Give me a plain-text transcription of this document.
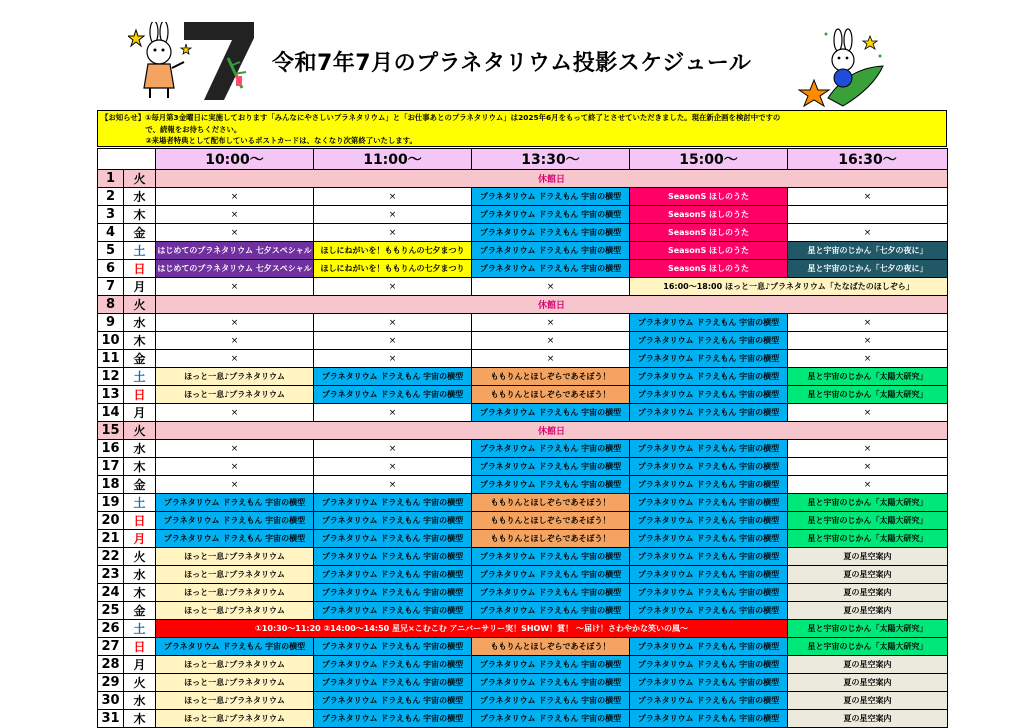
令和7年7月のプラネタリウム投影スケジュール
【お知らせ】①毎月第3金曜日に実施しております「みんなにやさしいプラネタリウム」と「お仕事あとのプラネタリウム」は2025年6月をもって終了とさせていただきました。現在新企画を検討中ですの
　　　　　　で、続報をお待ちください。
　　　　　　②来場者特典として配布しているポストカードは、なくなり次第終了いたします。
		10:00～	11:00～	13:30～	15:00～	16:30～
1	火	休館日				
2	水	×	×	プラネタリウム ドラえもん 宇宙の横型	SeasonS ほしのうた	×
3	木	×	×	プラネタリウム ドラえもん 宇宙の横型	SeasonS ほしのうた	
4	金	×	×	プラネタリウム ドラえもん 宇宙の横型	SeasonS ほしのうた	×
5	土	はじめてのプラネタリウム 七夕スペシャル	ほしにねがいを！ももりんの七夕まつり	プラネタリウム ドラえもん 宇宙の横型	SeasonS ほしのうた	星と宇宙のじかん「七夕の夜に」
6	日	はじめてのプラネタリウム 七夕スペシャル	ほしにねがいを！ももりんの七夕まつり	プラネタリウム ドラえもん 宇宙の横型	SeasonS ほしのうた	星と宇宙のじかん「七夕の夜に」
7	月	×	×	×	16:00～18:00 ほっと一息♪プラネタリウム「たなばたのほしぞら」	
8	火	休館日				
9	水	×	×	×	プラネタリウム ドラえもん 宇宙の横型	×
10	木	×	×	×	プラネタリウム ドラえもん 宇宙の横型	×
11	金	×	×	×	プラネタリウム ドラえもん 宇宙の横型	×
12	土	ほっと一息♪プラネタリウム	プラネタリウム ドラえもん 宇宙の横型	ももりんとほしぞらであそぼう！	プラネタリウム ドラえもん 宇宙の横型	星と宇宙のじかん「太陽大研究」
13	日	ほっと一息♪プラネタリウム	プラネタリウム ドラえもん 宇宙の横型	ももりんとほしぞらであそぼう！	プラネタリウム ドラえもん 宇宙の横型	星と宇宙のじかん「太陽大研究」
14	月	×	×	プラネタリウム ドラえもん 宇宙の横型	プラネタリウム ドラえもん 宇宙の横型	×
15	火	休館日				
16	水	×	×	プラネタリウム ドラえもん 宇宙の横型	プラネタリウム ドラえもん 宇宙の横型	×
17	木	×	×	プラネタリウム ドラえもん 宇宙の横型	プラネタリウム ドラえもん 宇宙の横型	×
18	金	×	×	プラネタリウム ドラえもん 宇宙の横型	プラネタリウム ドラえもん 宇宙の横型	×
19	土	プラネタリウム ドラえもん 宇宙の横型	プラネタリウム ドラえもん 宇宙の横型	ももりんとほしぞらであそぼう！	プラネタリウム ドラえもん 宇宙の横型	星と宇宙のじかん「太陽大研究」
20	日	プラネタリウム ドラえもん 宇宙の横型	プラネタリウム ドラえもん 宇宙の横型	ももりんとほしぞらであそぼう！	プラネタリウム ドラえもん 宇宙の横型	星と宇宙のじかん「太陽大研究」
21	月	プラネタリウム ドラえもん 宇宙の横型	プラネタリウム ドラえもん 宇宙の横型	ももりんとほしぞらであそぼう！	プラネタリウム ドラえもん 宇宙の横型	星と宇宙のじかん「太陽大研究」
22	火	ほっと一息♪プラネタリウム	プラネタリウム ドラえもん 宇宙の横型	プラネタリウム ドラえもん 宇宙の横型	プラネタリウム ドラえもん 宇宙の横型	夏の星空案内
23	水	ほっと一息♪プラネタリウム	プラネタリウム ドラえもん 宇宙の横型	プラネタリウム ドラえもん 宇宙の横型	プラネタリウム ドラえもん 宇宙の横型	夏の星空案内
24	木	ほっと一息♪プラネタリウム	プラネタリウム ドラえもん 宇宙の横型	プラネタリウム ドラえもん 宇宙の横型	プラネタリウム ドラえもん 宇宙の横型	夏の星空案内
25	金	ほっと一息♪プラネタリウム	プラネタリウム ドラえもん 宇宙の横型	プラネタリウム ドラえもん 宇宙の横型	プラネタリウム ドラえもん 宇宙の横型	夏の星空案内
26	土	①10:30～11:20 ②14:00～14:50 星兄×こむこむ アニバーサリー実！SHOW！賞！ ～届け！さわやかな笑いの風～				星と宇宙のじかん「太陽大研究」
27	日	プラネタリウム ドラえもん 宇宙の横型	プラネタリウム ドラえもん 宇宙の横型	ももりんとほしぞらであそぼう！	プラネタリウム ドラえもん 宇宙の横型	星と宇宙のじかん「太陽大研究」
28	月	ほっと一息♪プラネタリウム	プラネタリウム ドラえもん 宇宙の横型	プラネタリウム ドラえもん 宇宙の横型	プラネタリウム ドラえもん 宇宙の横型	夏の星空案内
29	火	ほっと一息♪プラネタリウム	プラネタリウム ドラえもん 宇宙の横型	プラネタリウム ドラえもん 宇宙の横型	プラネタリウム ドラえもん 宇宙の横型	夏の星空案内
30	水	ほっと一息♪プラネタリウム	プラネタリウム ドラえもん 宇宙の横型	プラネタリウム ドラえもん 宇宙の横型	プラネタリウム ドラえもん 宇宙の横型	夏の星空案内
31	木	ほっと一息♪プラネタリウム	プラネタリウム ドラえもん 宇宙の横型	プラネタリウム ドラえもん 宇宙の横型	プラネタリウム ドラえもん 宇宙の横型	夏の星空案内
